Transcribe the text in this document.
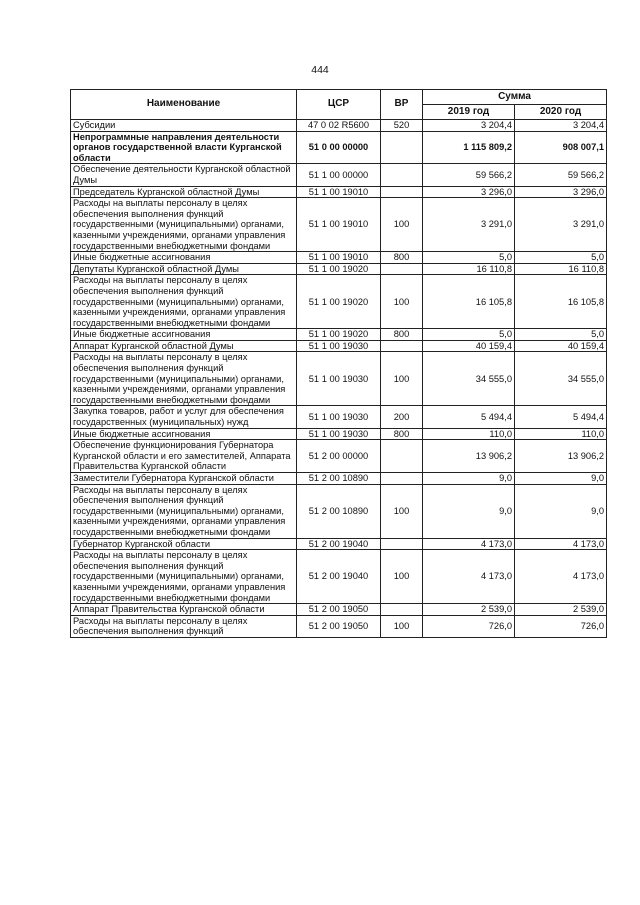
444
Наименование	ЦСР	ВР	Сумма	
			2019 год	2020 год
Субсидии	47 0 02 R5600	520	3 204,4	3 204,4
Непрограммные направления деятельности органов государственной власти Курганской области	51 0 00 00000		1 115 809,2	908 007,1
Обеспечение деятельности Курганской областной Думы	51 1 00 00000		59 566,2	59 566,2
Председатель Курганской областной Думы	51 1 00 19010		3 296,0	3 296,0
Расходы на выплаты персоналу в целях обеспечения выполнения функций государственными (муниципальными) органами, казенными учреждениями, органами управления государственными внебюджетными фондами	51 1 00 19010	100	3 291,0	3 291,0
Иные бюджетные ассигнования	51 1 00 19010	800	5,0	5,0
Депутаты Курганской областной Думы	51 1 00 19020		16 110,8	16 110,8
Расходы на выплаты персоналу в целях обеспечения выполнения функций государственными (муниципальными) органами, казенными учреждениями, органами управления государственными внебюджетными фондами	51 1 00 19020	100	16 105,8	16 105,8
Иные бюджетные ассигнования	51 1 00 19020	800	5,0	5,0
Аппарат Курганской областной Думы	51 1 00 19030		40 159,4	40 159,4
Расходы на выплаты персоналу в целях обеспечения выполнения функций государственными (муниципальными) органами, казенными учреждениями, органами управления государственными внебюджетными фондами	51 1 00 19030	100	34 555,0	34 555,0
Закупка товаров, работ и услуг для обеспечения государственных (муниципальных) нужд	51 1 00 19030	200	5 494,4	5 494,4
Иные бюджетные ассигнования	51 1 00 19030	800	110,0	110,0
Обеспечение функционирования Губернатора Курганской области и его заместителей, Аппарата Правительства Курганской области	51 2 00 00000		13 906,2	13 906,2
Заместители Губернатора Курганской области	51 2 00 10890		9,0	9,0
Расходы на выплаты персоналу в целях обеспечения выполнения функций государственными (муниципальными) органами, казенными учреждениями, органами управления государственными внебюджетными фондами	51 2 00 10890	100	9,0	9,0
Губернатор Курганской области	51 2 00 19040		4 173,0	4 173,0
Расходы на выплаты персоналу в целях обеспечения выполнения функций государственными (муниципальными) органами, казенными учреждениями, органами управления государственными внебюджетными фондами	51 2 00 19040	100	4 173,0	4 173,0
Аппарат Правительства Курганской области	51 2 00 19050		2 539,0	2 539,0
Расходы на выплаты персоналу в целях обеспечения выполнения функций	51 2 00 19050	100	726,0	726,0
